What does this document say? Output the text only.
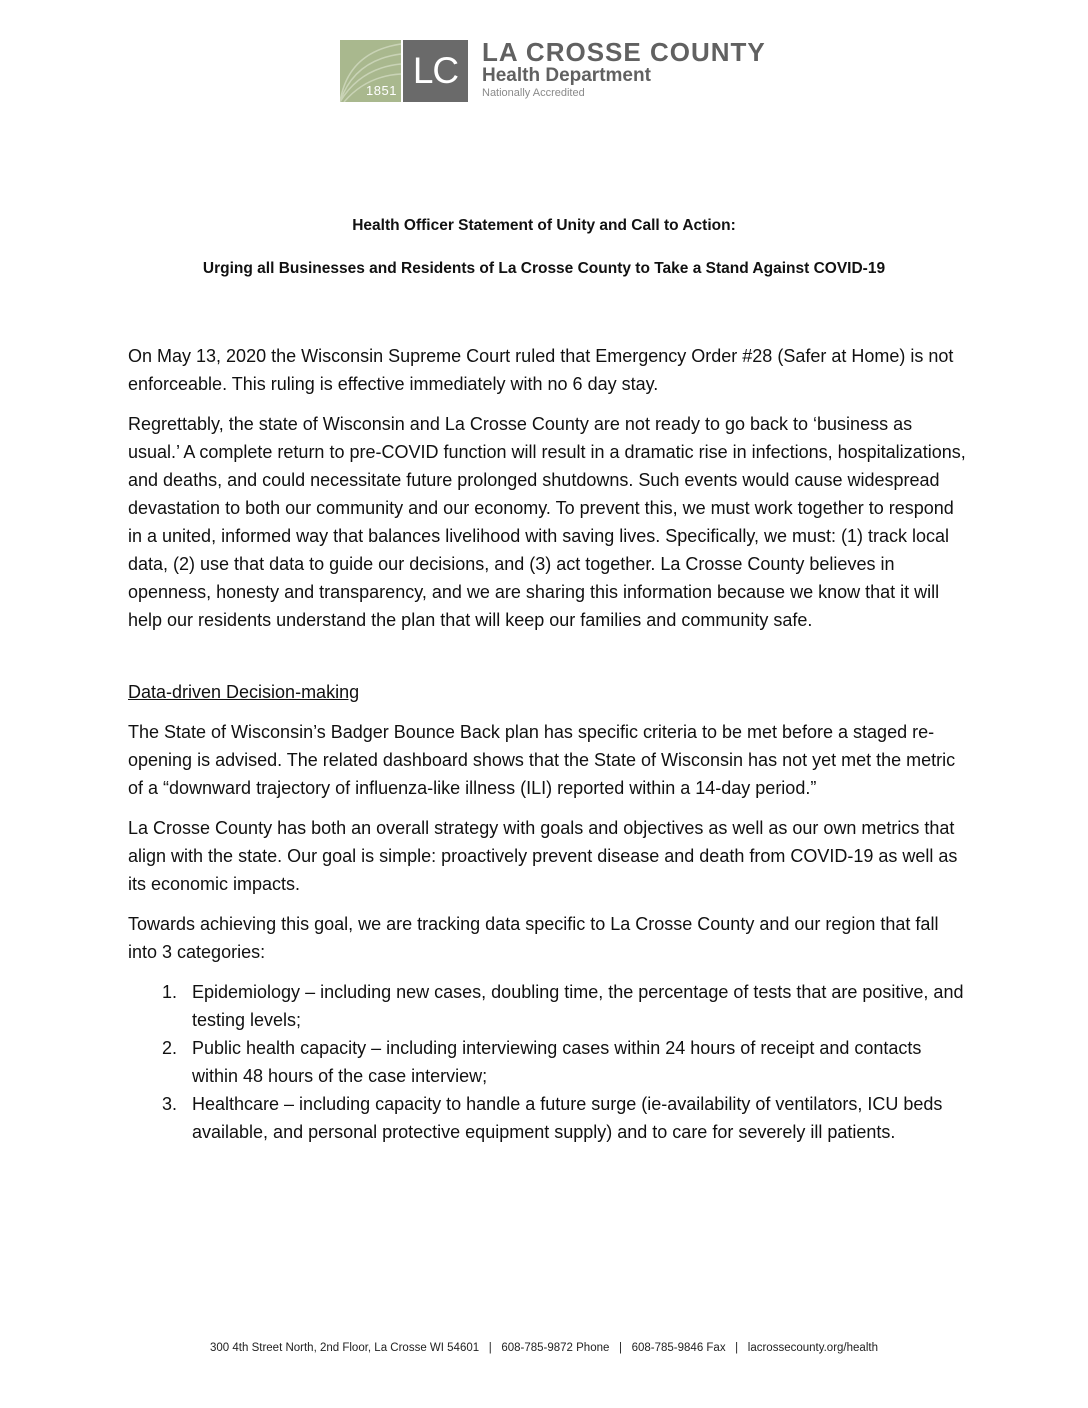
1851 LC LA CROSSE COUNTY
Health Department
Nationally Accredited
Health Officer Statement of Unity and Call to Action:
Urging all Businesses and Residents of La Crosse County to Take a Stand Against COVID-19

On May 13, 2020 the Wisconsin Supreme Court ruled that Emergency Order #28 (Safer at Home) is not enforceable. This ruling is effective immediately with no 6 day stay.

Regrettably, the state of Wisconsin and La Crosse County are not ready to go back to ‘business as usual.’ A complete return to pre-COVID function will result in a dramatic rise in infections, hospitalizations, and deaths, and could necessitate future prolonged shutdowns. Such events would cause widespread devastation to both our community and our economy. To prevent this, we must work together to respond in a united, informed way that balances livelihood with saving lives. Specifically, we must: (1) track local data, (2) use that data to guide our decisions, and (3) act together. La Crosse County believes in openness, honesty and transparency, and we are sharing this information because we know that it will help our residents understand the plan that will keep our families and community safe.

Data-driven Decision-making

The State of Wisconsin’s Badger Bounce Back plan has specific criteria to be met before a staged re-opening is advised. The related dashboard shows that the State of Wisconsin has not yet met the metric of a “downward trajectory of influenza-like illness (ILI) reported within a 14-day period.”

La Crosse County has both an overall strategy with goals and objectives as well as our own metrics that align with the state. Our goal is simple: proactively prevent disease and death from COVID-19 as well as its economic impacts.

Towards achieving this goal, we are tracking data specific to La Crosse County and our region that fall into 3 categories:

1. Epidemiology – including new cases, doubling time, the percentage of tests that are positive, and testing levels;
2. Public health capacity – including interviewing cases within 24 hours of receipt and contacts within 48 hours of the case interview;
3. Healthcare – including capacity to handle a future surge (ie-availability of ventilators, ICU beds available, and personal protective equipment supply) and to care for severely ill patients.
300 4th Street North, 2nd Floor, La Crosse WI 54601 | 608-785-9872 Phone | 608-785-9846 Fax | lacrossecounty.org/health
